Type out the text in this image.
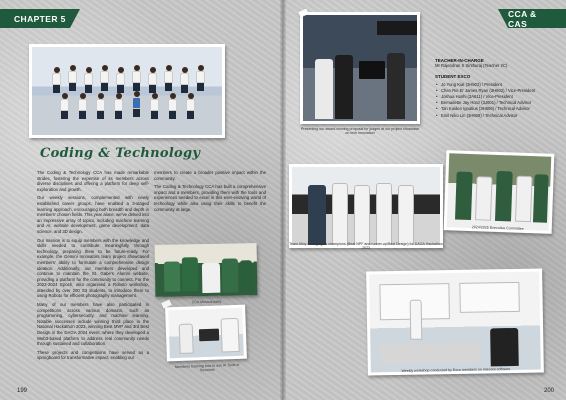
CHAPTER 5
Coding & Technology

The Coding & Technology CCA has made remarkable strides, fostering the expertise of its members across diverse disciplines and offering a platform for deep self-exploration and growth.

Our weekly sessions, complemented with newly established career groups, have enabled a 3-staged learning approach, encouraging both breadth and depth in members' chosen fields. This year alone, we've delved into an impressive array of topics, including machine learning and AI, website development, game development, data science, and 3D design.

Our mission is to equip members with the knowledge and skills needed to contribute meaningfully through technology, preparing them to be future-ready. For example, the Gemini Innovators team project showcased members' ability to formulate a comprehensive design ideation. Additionally, our members developed and continue to maintain the St. Gabe's Alumni website, providing a platform for the community to connect. For the 2023-2024 Epoch, also organised a Roboto workshop, attended by over 200 S3 students, to introduce them to using Roboto for efficient photography management.

Many of our members have also participated in competitions across various domains, such as programming, cybersecurity, and machine learning. Notable successes include winning third place in the National Hackathon 2023, winning Best MVP and 3rd Best Design in the DAGA 2024 event, where they developed a Web3-based platform to address real community needs through sustained and collaboration.

These projects and competitions have served as a springboard for transformative impact, enabling our

members to create a broader positive impact within the community.

The Coding & Technology CCA has built a comprehensive impact and a members, providing them with the tools and experiences needed to excel in this ever-evolving world of technology while also using their skills to benefit the community at large.

CCA Musical party
Members learning how to use AI Tools in Sessions
199
CCA & CAS
Presenting our award-winning proposal for judges at our project showcase on tech innovation
TEACHER-IN-CHARGE
Mr Rajendran S Sinthuraj (Teacher I/C)
STUDENT EXCO
• Jo Yung Kiat (3H503) / President
• Chen Rei Er James Ryan (3H602) / Vice-President
• Joshua Hoshi (3A611) / Vice-President
• Bernadette Jay Honz (3J601) / Technical Advisor
• Tan Kaiden Ignatius (3H606) / Technical Advisor
• Emil Niko Lin (3H608) / Technical Advisor
Team Alloy emerging as champions (Beat NPF and runner-up/Best Design) for DAGA Hackathon 2023
2024/2025 Executive Committee
Weekly workshop conducted by Exco members on relevant software
200
